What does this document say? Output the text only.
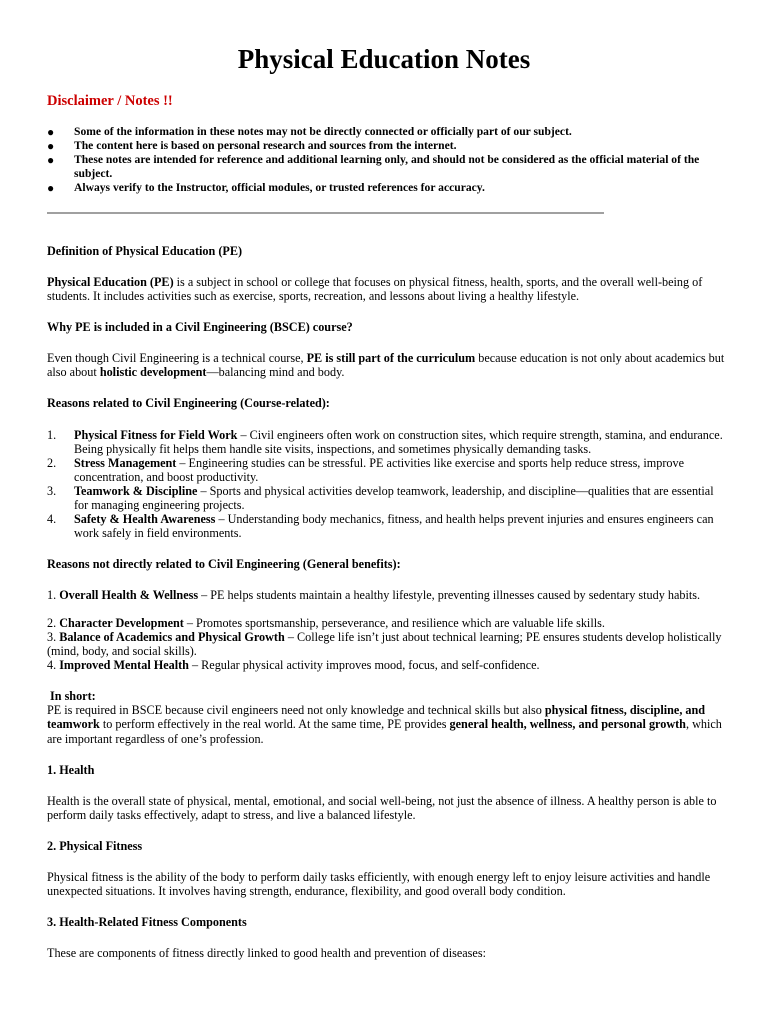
Physical Education Notes
Disclaimer / Notes !!
● Some of the information in these notes may not be directly connected or officially part of our subject.
● The content here is based on personal research and sources from the internet.
● These notes are intended for reference and additional learning only, and should not be considered as the official material of the subject.
● Always verify to the Instructor, official modules, or trusted references for accuracy.
Definition of Physical Education (PE)
Physical Education (PE) is a subject in school or college that focuses on physical fitness, health, sports, and the overall well-being of students. It includes activities such as exercise, sports, recreation, and lessons about living a healthy lifestyle.
Why PE is included in a Civil Engineering (BSCE) course?
Even though Civil Engineering is a technical course, PE is still part of the curriculum because education is not only about academics but also about holistic development—balancing mind and body.
Reasons related to Civil Engineering (Course-related):
1.	Physical Fitness for Field Work – Civil engineers often work on construction sites, which require strength, stamina, and endurance. Being physically fit helps them handle site visits, inspections, and sometimes physically demanding tasks.
2.	Stress Management – Engineering studies can be stressful. PE activities like exercise and sports help reduce stress, improve concentration, and boost productivity.
3.	Teamwork & Discipline – Sports and physical activities develop teamwork, leadership, and discipline—qualities that are essential for managing engineering projects.
4.	Safety & Health Awareness – Understanding body mechanics, fitness, and health helps prevent injuries and ensures engineers can work safely in field environments.
Reasons not directly related to Civil Engineering (General benefits):
1. Overall Health & Wellness – PE helps students maintain a healthy lifestyle, preventing illnesses caused by sedentary study habits.
2. Character Development – Promotes sportsmanship, perseverance, and resilience which are valuable life skills.
3. Balance of Academics and Physical Growth – College life isn’t just about technical learning; PE ensures students develop holistically (mind, body, and social skills).
4. Improved Mental Health – Regular physical activity improves mood, focus, and self-confidence.
In short:
PE is required in BSCE because civil engineers need not only knowledge and technical skills but also physical fitness, discipline, and teamwork to perform effectively in the real world. At the same time, PE provides general health, wellness, and personal growth, which are important regardless of one’s profession.
1. Health
Health is the overall state of physical, mental, emotional, and social well-being, not just the absence of illness. A healthy person is able to perform daily tasks effectively, adapt to stress, and live a balanced lifestyle.
2. Physical Fitness
Physical fitness is the ability of the body to perform daily tasks efficiently, with enough energy left to enjoy leisure activities and handle unexpected situations. It involves having strength, endurance, flexibility, and good overall body condition.
3. Health-Related Fitness Components
These are components of fitness directly linked to good health and prevention of diseases:
